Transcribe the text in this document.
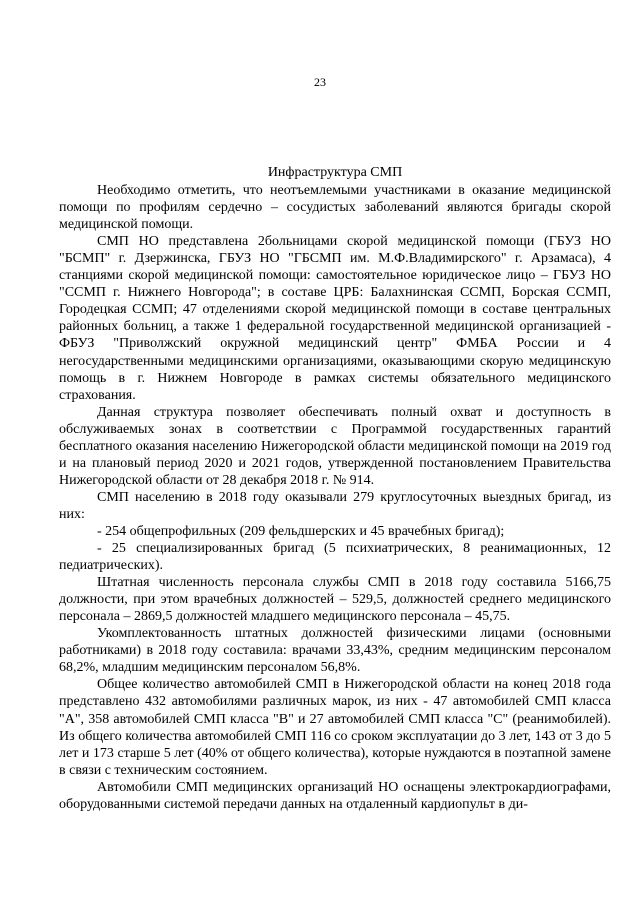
23

Инфраструктура СМП

Необходимо отметить, что неотъемлемыми участниками в оказание медицинской помощи по профилям сердечно – сосудистых заболеваний являются бригады скорой медицинской помощи.

СМП НО представлена 2больницами скорой медицинской помощи (ГБУЗ НО "БСМП" г. Дзержинска, ГБУЗ НО "ГБСМП им. М.Ф.Владимирского" г. Арзамаса), 4 станциями скорой медицинской помощи: самостоятельное юридическое лицо – ГБУЗ НО "ССМП г. Нижнего Новгорода"; в составе ЦРБ: Балахнинская ССМП, Борская ССМП, Городецкая ССМП; 47 отделениями скорой медицинской помощи в составе центральных районных больниц, а также 1 федеральной государственной медицинской организацией - ФБУЗ "Приволжский окружной медицинский центр" ФМБА России и 4 негосударственными медицинскими организациями, оказывающими скорую медицинскую помощь в г. Нижнем Новгороде в рамках системы обязательного медицинского страхования.

Данная структура позволяет обеспечивать полный охват и доступность в обслуживаемых зонах в соответствии с Программой государственных гарантий бесплатного оказания населению Нижегородской области медицинской помощи на 2019 год и на плановый период 2020 и 2021 годов, утвержденной постановлением Правительства Нижегородской области от 28 декабря 2018 г. № 914.

СМП населению в 2018 году оказывали 279 круглосуточных выездных бригад, из них:

- 254 общепрофильных (209 фельдшерских и 45 врачебных бригад);

- 25 специализированных бригад (5 психиатрических, 8 реанимационных, 12 педиатрических).

Штатная численность персонала службы СМП в 2018 году составила 5166,75 должности, при этом врачебных должностей – 529,5, должностей среднего медицинского персонала – 2869,5 должностей младшего медицинского персонала – 45,75.

Укомплектованность штатных должностей физическими лицами (основными работниками) в 2018 году составила: врачами 33,43%, средним медицинским персоналом 68,2%, младшим медицинским персоналом 56,8%.

Общее количество автомобилей СМП в Нижегородской области на конец 2018 года представлено 432 автомобилями различных марок, из них - 47 автомобилей СМП класса "А", 358 автомобилей СМП класса "В" и 27 автомобилей СМП класса "С" (реанимобилей). Из общего количества автомобилей СМП 116 со сроком эксплуатации до 3 лет, 143 от 3 до 5 лет и 173 старше 5 лет (40% от общего количества), которые нуждаются в поэтапной замене в связи с техническим состоянием.

Автомобили СМП медицинских организаций НО оснащены электрокардиографами, оборудованными системой передачи данных на отдаленный кардиопульт в ди-
